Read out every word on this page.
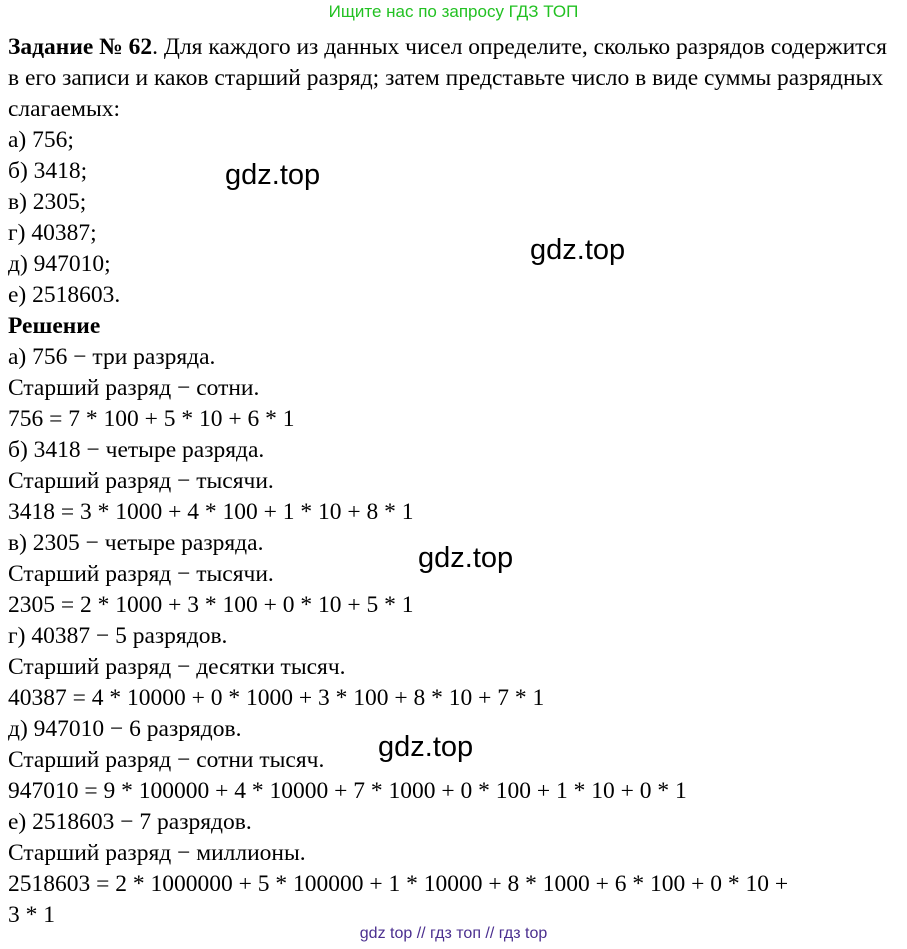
Ищите нас по запросу ГДЗ ТОП

Задание № 62. Для каждого из данных чисел определите, сколько разрядов содержится в его записи и каков старший разряд; затем представьте число в виде суммы разрядных слагаемых:

а) 756;
б) 3418;
в) 2305;
г) 40387;
д) 947010;
е) 2518603.
Решение
а) 756 − три разряда.
Старший разряд − сотни.
756 = 7 * 100 + 5 * 10 + 6 * 1
б) 3418 − четыре разряда.
Старший разряд − тысячи.
3418 = 3 * 1000 + 4 * 100 + 1 * 10 + 8 * 1
в) 2305 − четыре разряда.
Старший разряд − тысячи.
2305 = 2 * 1000 + 3 * 100 + 0 * 10 + 5 * 1
г) 40387 − 5 разрядов.
Старший разряд − десятки тысяч.
40387 = 4 * 10000 + 0 * 1000 + 3 * 100 + 8 * 10 + 7 * 1
д) 947010 − 6 разрядов.
Старший разряд − сотни тысяч.
947010 = 9 * 100000 + 4 * 10000 + 7 * 1000 + 0 * 100 + 1 * 10 + 0 * 1
е) 2518603 − 7 разрядов.
Старший разряд − миллионы.
2518603 = 2 * 1000000 + 5 * 100000 + 1 * 10000 + 8 * 1000 + 6 * 100 + 0 * 10 +
3 * 1
gdz.top
gdz.top
gdz.top
gdz.top
gdz top // гдз топ // гдз top
